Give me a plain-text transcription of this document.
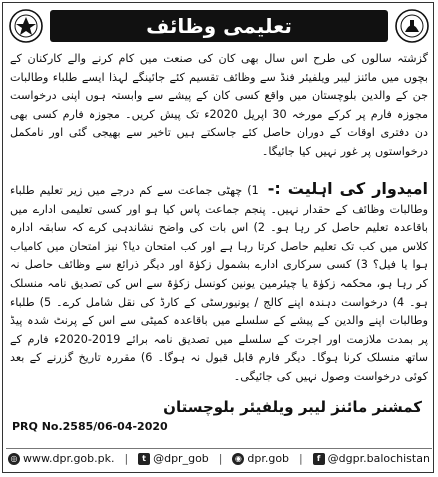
تعلیمی وظائف
گزشتہ سالوں کی طرح اس سال بھی کان کی صنعت میں کام کرنے والے کارکنان کے بچوں میں مائنز لیبر ویلفیئر فنڈ سے وظائف تقسیم کئے جائینگے لہذا ایسے طلباء وطالبات جن کے والدین بلوچستان میں واقع کسی کان کے پیشے سے وابستہ ہوں اپنی درخواست مجوزہ فارم پر کرکے مورخہ 30 اپریل 2020ء تک پیش کریں۔ مجوزہ فارم کسی بھی دن دفتری اوقات کے دوران حاصل کئے جاسکتے ہیں تاخیر سے بھیجی گئی اور نامکمل درخواستوں پر غور نہیں کیا جائیگا۔
امیدوار کی اہلیت :- 1) چھٹی جماعت سے کم درجے میں زیر تعلیم طلباء وطالبات وظائف کے حقدار نہیں۔ پنجم جماعت پاس کیا ہو اور کسی تعلیمی ادارے میں باقاعدہ تعلیم حاصل کر رہا ہو۔ 2) اس بات کی واضح نشاندہی کرے کہ سابقہ ادارہ کلاس میں کب تک تعلیم حاصل کرتا رہا ہے اور کب امتحان دیا؟ نیز امتحان میں کامیاب ہوا یا فیل؟ 3) کسی سرکاری ادارے بشمول زکوٰۃ اور دیگر ذرائع سے وظائف حاصل نہ کر رہا ہو، محکمہ زکوٰۃ یا چیئرمین یونین کونسل زکوٰۃ سے اس کی تصدیق نامہ منسلک ہو۔ 4) درخواست دہندہ اپنے کالج / یونیورسٹی کے کارڈ کی نقل شامل کرے۔ 5) طلباء وطالبات اپنے والدین کے پیشے کے سلسلے میں باقاعدہ کمیٹی سے اس کے پرنٹ شدہ پیڈ پر بمدت ملازمت اور اجرت کے سلسلے میں تصدیق نامہ برائے 2019-2020ء فارم کے ساتھ منسلک کرنا ہوگا۔ دیگر فارم قابل قبول نہ ہوگا۔ 6) مقررہ تاریخ گزرنے کے بعد کوئی درخواست وصول نہیں کی جائیگی۔
کمشنر مائنز لیبر ویلفیئر بلوچستان
PRQ No.2585/06-04-2020
◎ www.dpr.gob.pk. |	t @dpr_gob |	◉ dpr.gob |	f @dgpr.balochistan
